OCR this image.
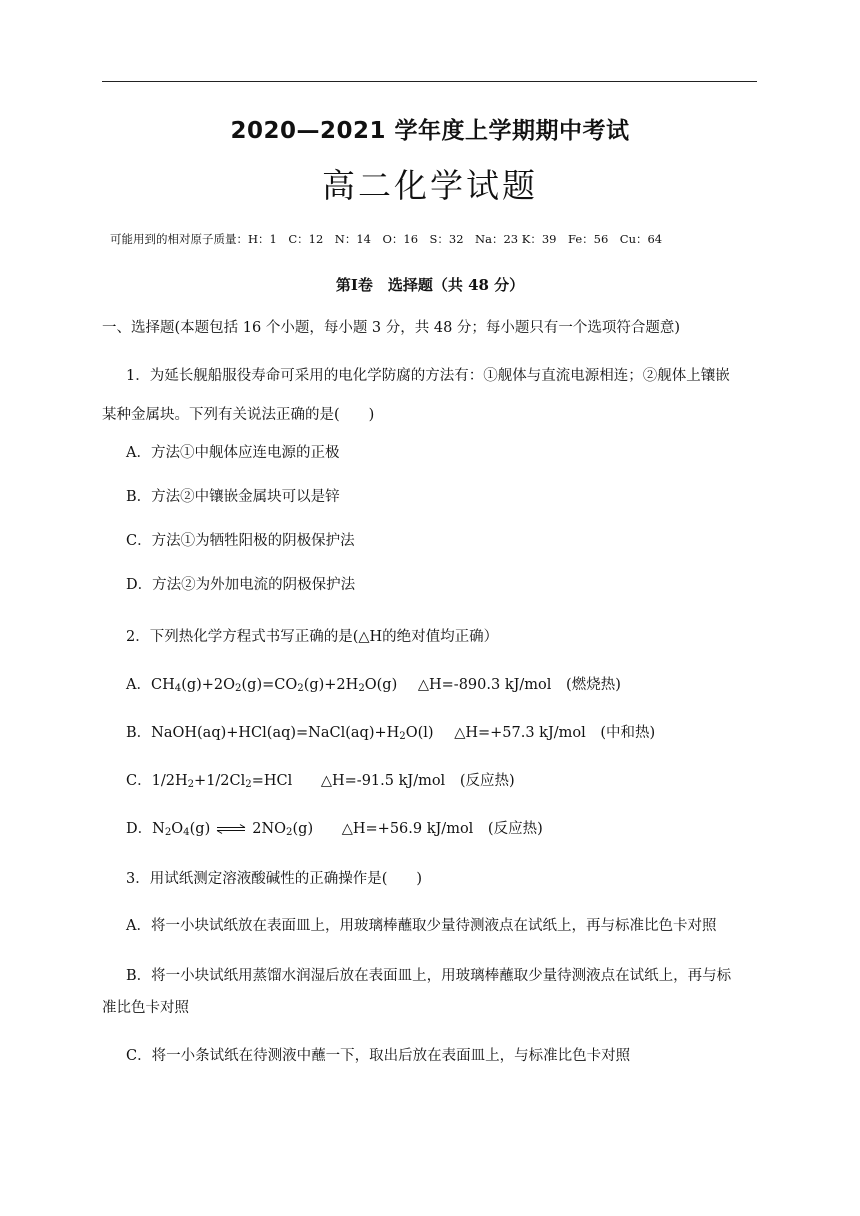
2020—2021 学年度上学期期中考试
高二化学试题
可能用到的相对原子质量：H：1　C：12　N：14　O：16　S：32　Na：23 K：39　Fe：56　Cu：64
第Ⅰ卷　选择题（共 48 分）
一、选择题(本题包括 16 个小题，每小题 3 分，共 48 分；每小题只有一个选项符合题意)
1．为延长舰船服役寿命可采用的电化学防腐的方法有：①舰体与直流电源相连；②舰体上镶嵌
某种金属块。下列有关说法正确的是(　　)
A．方法①中舰体应连电源的正极
B．方法②中镶嵌金属块可以是锌
C．方法①为牺牲阳极的阴极保护法
D．方法②为外加电流的阴极保护法
2．下列热化学方程式书写正确的是(△H的绝对值均正确）
A．$CH_4(g)+2O_2(g)=CO_2(g)+2H_2O(g)$ △H=-890.3 kJ/mol (燃烧热)
B．$NaOH(aq)+HCl(aq)=NaCl(aq)+H_2O(l)$ △H=+57.3 kJ/mol (中和热)
C．$1/2H_2+1/2Cl_2=HCl$ △H=-91.5 kJ/mol (反应热)
D．$N_2O_4(g)$ ⇌ $2NO_2(g)$ △H=+56.9 kJ/mol (反应热)
3．用试纸测定溶液酸碱性的正确操作是(　　)
A．将一小块试纸放在表面皿上，用玻璃棒蘸取少量待测液点在试纸上，再与标准比色卡对照
B．将一小块试纸用蒸馏水润湿后放在表面皿上，用玻璃棒蘸取少量待测液点在试纸上，再与标
准比色卡对照
C．将一小条试纸在待测液中蘸一下，取出后放在表面皿上，与标准比色卡对照
